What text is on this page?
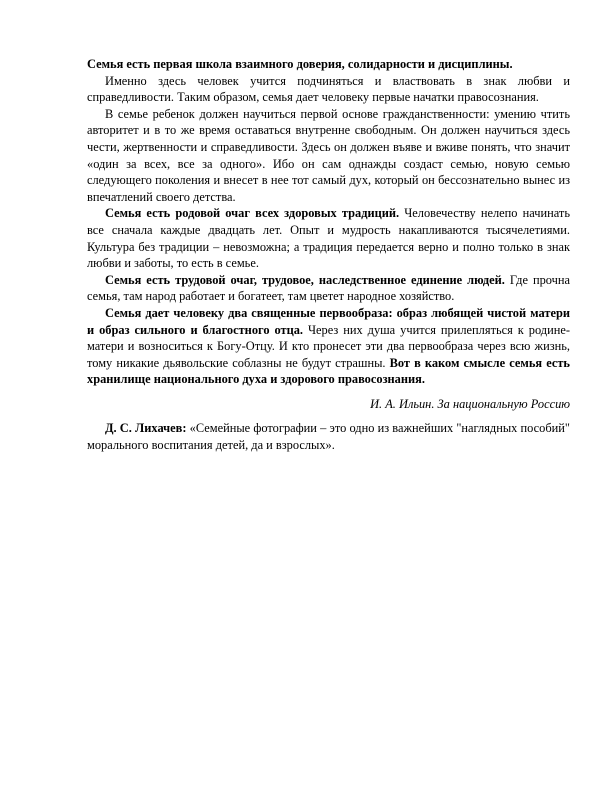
Семья есть первая школа взаимного доверия, солидарности и дисциплины.

Именно здесь человек учится подчиняться и властвовать в знак любви и справедливости. Таким образом, семья дает человеку первые начатки правосознания.

В семье ребенок должен научиться первой основе гражданственности: умению чтить авторитет и в то же время оставаться внутренне свободным. Он должен научиться здесь чести, жертвенности и справедливости. Здесь он должен въяве и вживе понять, что значит «один за всех, все за одного». Ибо он сам однажды создаст семью, новую семью следующего поколения и внесет в нее тот самый дух, который он бессознательно вынес из впечатлений своего детства.

Семья есть родовой очаг всех здоровых традиций. Человечеству нелепо начинать все сначала каждые двадцать лет. Опыт и мудрость накапливаются тысячелетиями. Культура без традиции – невозможна; а традиция передается верно и полно только в знак любви и заботы, то есть в семье.

Семья есть трудовой очаг, трудовое, наследственное единение людей. Где прочна семья, там народ работает и богатеет, там цветет народное хозяйство.

Семья дает человеку два священные первообраза: образ любящей чистой матери и образ сильного и благостного отца. Через них душа учится прилепляться к родине-матери и возноситься к Богу-Отцу. И кто пронесет эти два первообраза через всю жизнь, тому никакие дьявольские соблазны не будут страшны. Вот в каком смысле семья есть хранилище национального духа и здорового правосознания.

И. А. Ильин. За национальную Россию

Д. С. Лихачев: «Семейные фотографии – это одно из важнейших "наглядных пособий" морального воспитания детей, да и взрослых».
